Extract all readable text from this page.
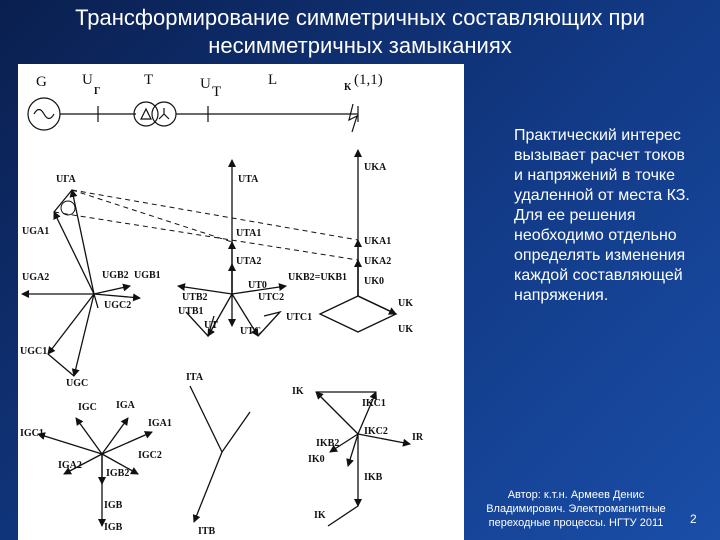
Трансформирование симметричных составляющих при
несимметричных замыканиях
G U
Г
T	U T
L	К (1,1)
UГА
UGA1
UGA2	UGB2 UGB1
UGC2
UGC1
UGC
UTA
UTA1
UTA2
UTB2
UT0
UTC2
UTB1
UTC1
UT
UTC
UKA
UKA1
UKA2
UKB2=UKB1 UK0
UK
UK
IGC IGA
IGA1
IGC1
IGC2
IGA2
IGB2
IGB
IGB
ITA
ITB
IK
IKC1
IKC2
IR
IKB2
IK0
IKB
IK
Практический интерес вызывает расчет токов и напряжений в точке удаленной от места КЗ. Для ее решения необходимо отдельно определять изменения каждой составляющей напряжения.
Автор: к.т.н. Армеев Денис Владимирович. Электромагнитные переходные процессы. НГТУ 2011	2
